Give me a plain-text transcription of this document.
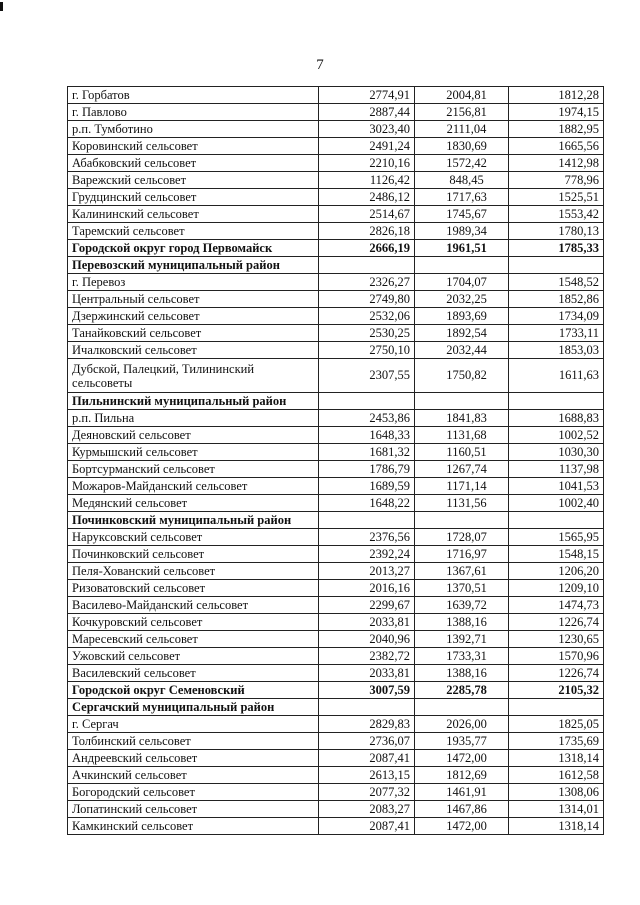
7
г. Горбатов	2774,91	2004,81	1812,28
г. Павлово	2887,44	2156,81	1974,15
р.п. Тумботино	3023,40	2111,04	1882,95
Коровинский сельсовет	2491,24	1830,69	1665,56
Абабковский сельсовет	2210,16	1572,42	1412,98
Варежский сельсовет	1126,42	848,45	778,96
Грудцинский сельсовет	2486,12	1717,63	1525,51
Калининский сельсовет	2514,67	1745,67	1553,42
Таремский сельсовет	2826,18	1989,34	1780,13
Городской округ город Первомайск	2666,19	1961,51	1785,33
Перевозский муниципальный район			
г. Перевоз	2326,27	1704,07	1548,52
Центральный сельсовет	2749,80	2032,25	1852,86
Дзержинский сельсовет	2532,06	1893,69	1734,09
Танайковский сельсовет	2530,25	1892,54	1733,11
Ичалковский сельсовет	2750,10	2032,44	1853,03
Дубской, Палецкий, Тилининский сельсоветы	2307,55	1750,82	1611,63
Пильнинский муниципальный район			
р.п. Пильна	2453,86	1841,83	1688,83
Деяновский сельсовет	1648,33	1131,68	1002,52
Курмышский сельсовет	1681,32	1160,51	1030,30
Бортсурманский сельсовет	1786,79	1267,74	1137,98
Можаров-Майданский сельсовет	1689,59	1171,14	1041,53
Медянский сельсовет	1648,22	1131,56	1002,40
Починковский муниципальный район			
Наруксовский сельсовет	2376,56	1728,07	1565,95
Починковский сельсовет	2392,24	1716,97	1548,15
Пеля-Хованский сельсовет	2013,27	1367,61	1206,20
Ризоватовский сельсовет	2016,16	1370,51	1209,10
Василево-Майданский сельсовет	2299,67	1639,72	1474,73
Кочкуровский сельсовет	2033,81	1388,16	1226,74
Маресевский сельсовет	2040,96	1392,71	1230,65
Ужовский сельсовет	2382,72	1733,31	1570,96
Василевский сельсовет	2033,81	1388,16	1226,74
Городской округ Семеновский	3007,59	2285,78	2105,32
Сергачский муниципальный район			
г. Сергач	2829,83	2026,00	1825,05
Толбинский сельсовет	2736,07	1935,77	1735,69
Андреевский сельсовет	2087,41	1472,00	1318,14
Ачкинский сельсовет	2613,15	1812,69	1612,58
Богородский сельсовет	2077,32	1461,91	1308,06
Лопатинский сельсовет	2083,27	1467,86	1314,01
Камкинский сельсовет	2087,41	1472,00	1318,14
